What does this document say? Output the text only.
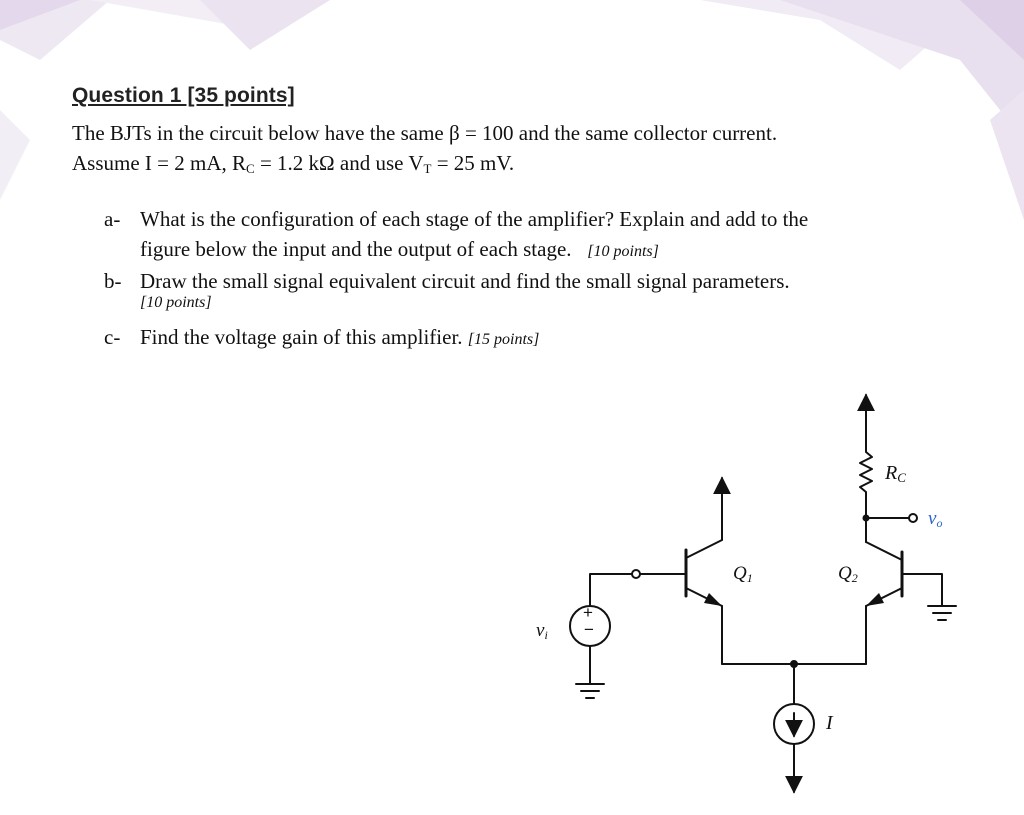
Question 1 [35 points]
The BJTs in the circuit below have the same β = 100 and the same collector current.
Assume I = 2 mA, $R_C = 1.2$ kΩ and use $V_T = 25$ mV.
a- What is the configuration of each stage of the amplifier? Explain and add to the
figure below the input and the output of each stage. [10 points]
b- Draw the small signal equivalent circuit and find the small signal parameters.
[10 points]
c- Find the voltage gain of this amplifier. [15 points]
+
−
$R_C$
$v_o$
$Q_1$	$Q_2$
$v_i$
I
